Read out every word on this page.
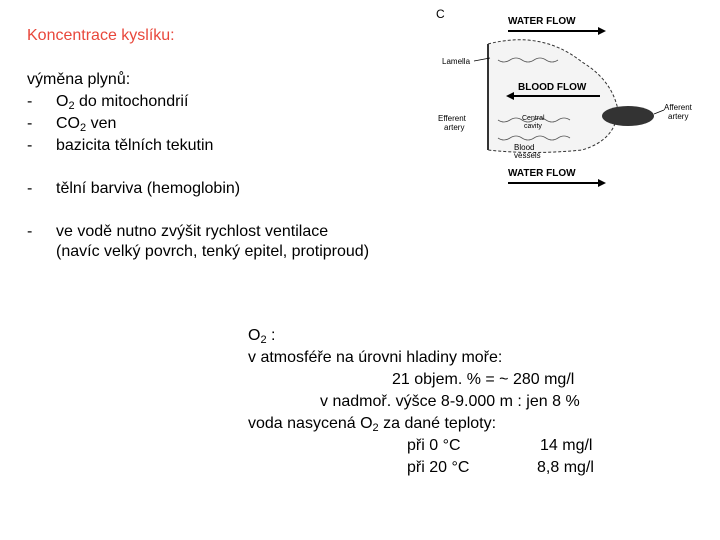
Koncentrace kyslíku:
výměna plynů:
- $O_2$ do mitochondrií
- $CO_2$ ven
- bazicita tělních tekutin
- tělní barviva (hemoglobin)
- ve vodě nutno zvýšit rychlost ventilace
(navíc velký povrch, tenký epitel, protiproud)
C
WATER FLOW
Lamella
BLOOD FLOW
Efferent
artery
Central
cavity
Blood
vessels
Afferent
artery
WATER FLOW
$O_2$ :
v atmosféře na úrovni hladiny moře:
21 objem. % = ~ 280 mg/l
v nadmoř. výšce 8-9.000 m : jen 8 %
voda nasycená $O_2$ za dané teploty:
při 0 °C	14 mg/l
při 20 °C	8,8 mg/l
